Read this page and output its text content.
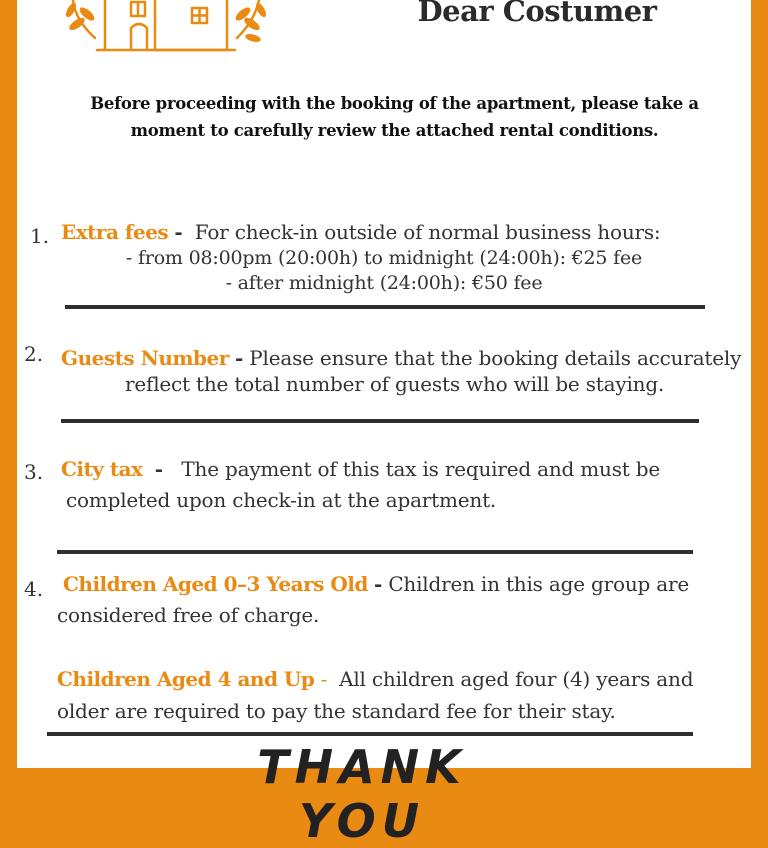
Dear Costumer
Before proceeding with the booking of the apartment, please take a moment to carefully review the attached rental conditions.
1. Extra fees - For check-in outside of normal business hours:
- from 08:00pm (20:00h) to midnight (24:00h): €25 fee
- after midnight (24:00h): €50 fee
2. Guests Number - Please ensure that the booking details accurately
reflect the total number of guests who will be staying.
3. City tax - The payment of this tax is required and must be
completed upon check-in at the apartment.
4. Children Aged 0–3 Years Old - Children in this age group are
considered free of charge.
Children Aged 4 and Up - All children aged four (4) years and
older are required to pay the standard fee for their stay.
THANK YOU
